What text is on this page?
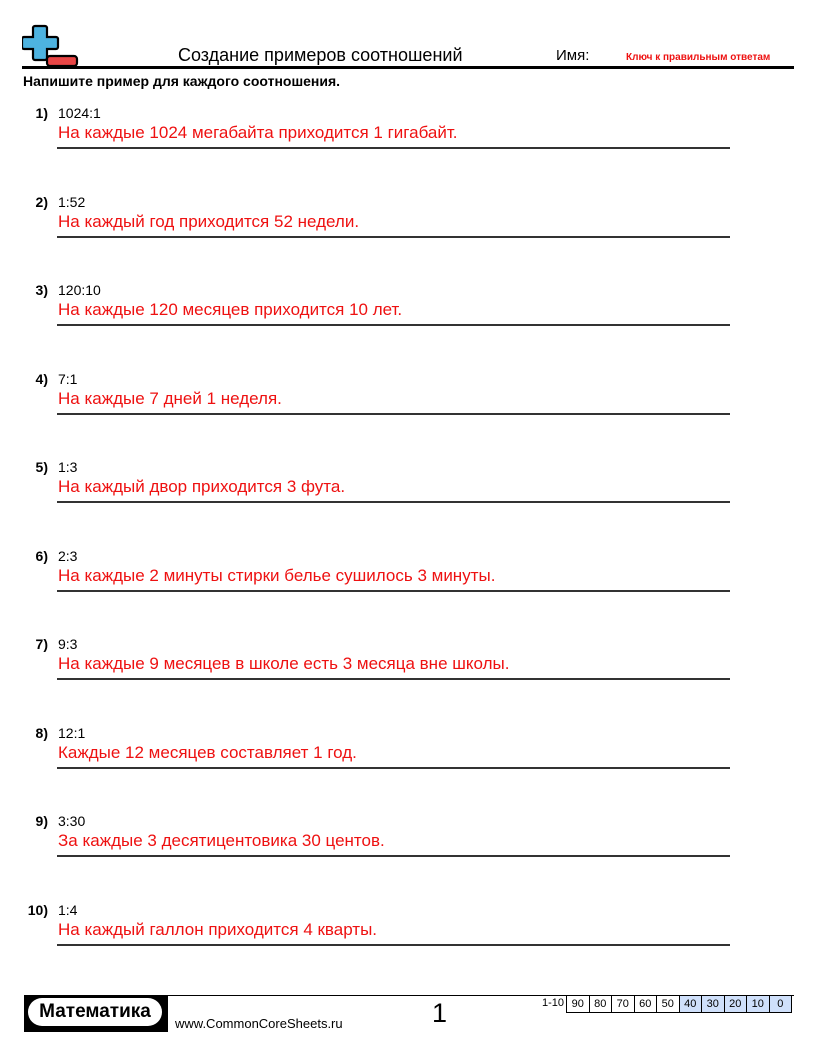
Создание примеров соотношений	Имя:	Ключ к правильным ответам
Напишите пример для каждого соотношения.
1) 1024:1
На каждые 1024 мегабайта приходится 1 гигабайт.
2) 1:52
На каждый год приходится 52 недели.
3) 120:10
На каждые 120 месяцев приходится 10 лет.
4) 7:1
На каждые 7 дней 1 неделя.
5) 1:3
На каждый двор приходится 3 фута.
6) 2:3
На каждые 2 минуты стирки белье сушилось 3 минуты.
7) 9:3
На каждые 9 месяцев в школе есть 3 месяца вне школы.
8) 12:1
Каждые 12 месяцев составляет 1 год.
9) 3:30
За каждые 3 десятицентовика 30 центов.
10) 1:4
На каждый галлон приходится 4 кварты.
Математика
www.CommonCoreSheets.ru	1	1-10 90 80 70 60 50 40 30 20 10	0
